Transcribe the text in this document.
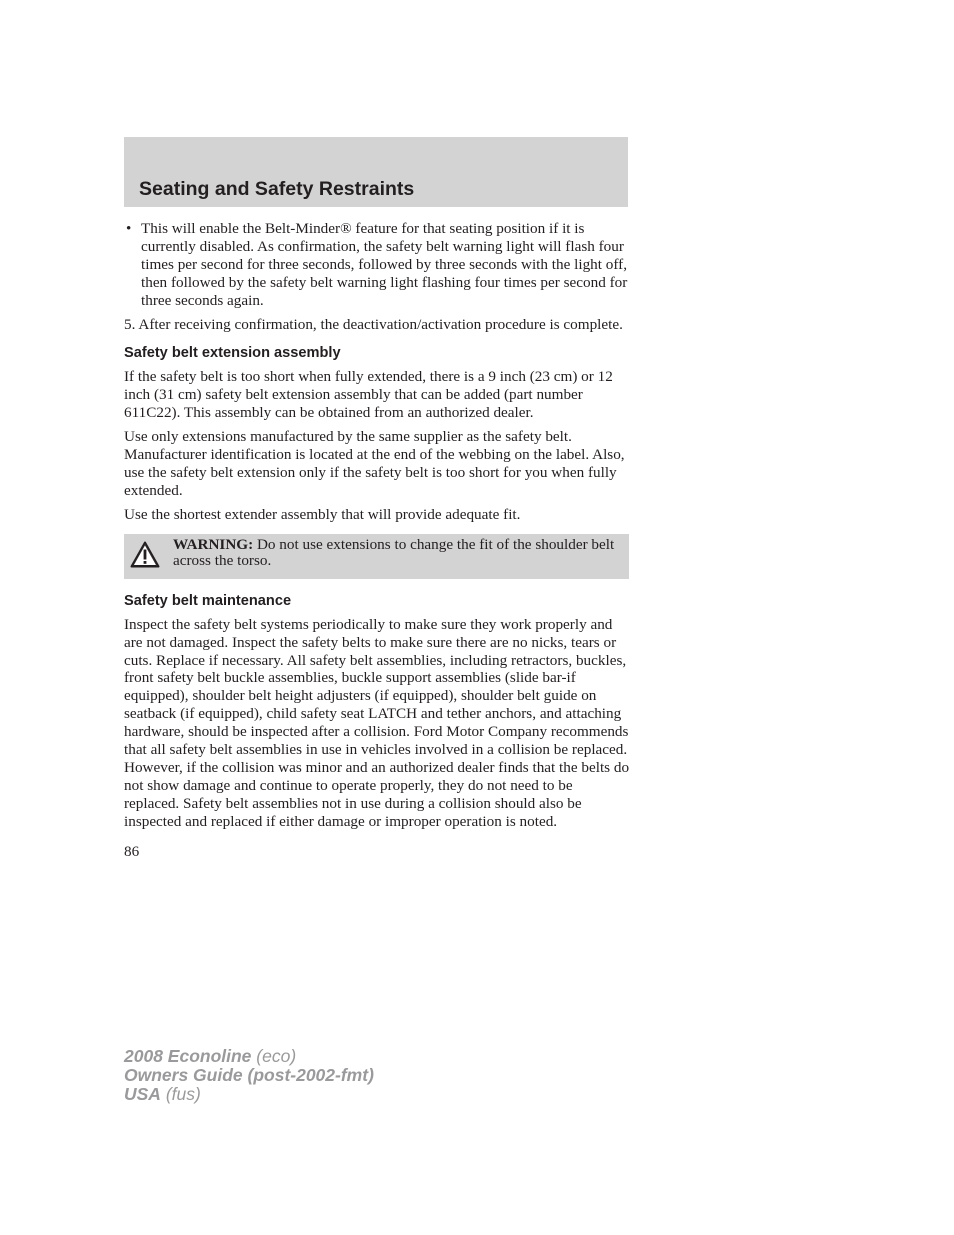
Seating and Safety Restraints
• This will enable the Belt-Minder® feature for that seating position if it is currently disabled. As confirmation, the safety belt warning light will flash four times per second for three seconds, followed by three seconds with the light off, then followed by the safety belt warning light flashing four times per second for three seconds again.

5. After receiving confirmation, the deactivation/activation procedure is complete.

Safety belt extension assembly

If the safety belt is too short when fully extended, there is a 9 inch (23 cm) or 12 inch (31 cm) safety belt extension assembly that can be added (part number 611C22). This assembly can be obtained from an authorized dealer.

Use only extensions manufactured by the same supplier as the safety belt. Manufacturer identification is located at the end of the webbing on the label. Also, use the safety belt extension only if the safety belt is too short for you when fully extended.

Use the shortest extender assembly that will provide adequate fit.

WARNING: Do not use extensions to change the fit of the shoulder belt across the torso.
Safety belt maintenance

Inspect the safety belt systems periodically to make sure they work properly and are not damaged. Inspect the safety belts to make sure there are no nicks, tears or cuts. Replace if necessary. All safety belt assemblies, including retractors, buckles, front safety belt buckle assemblies, buckle support assemblies (slide bar-if equipped), shoulder belt height adjusters (if equipped), shoulder belt guide on seatback (if equipped), child safety seat LATCH and tether anchors, and attaching hardware, should be inspected after a collision. Ford Motor Company recommends that all safety belt assemblies in use in vehicles involved in a collision be replaced. However, if the collision was minor and an authorized dealer finds that the belts do not show damage and continue to operate properly, they do not need to be replaced. Safety belt assemblies not in use during a collision should also be inspected and replaced if either damage or improper operation is noted.

86
2008 Econoline (eco)
Owners Guide (post-2002-fmt)
USA (fus)
